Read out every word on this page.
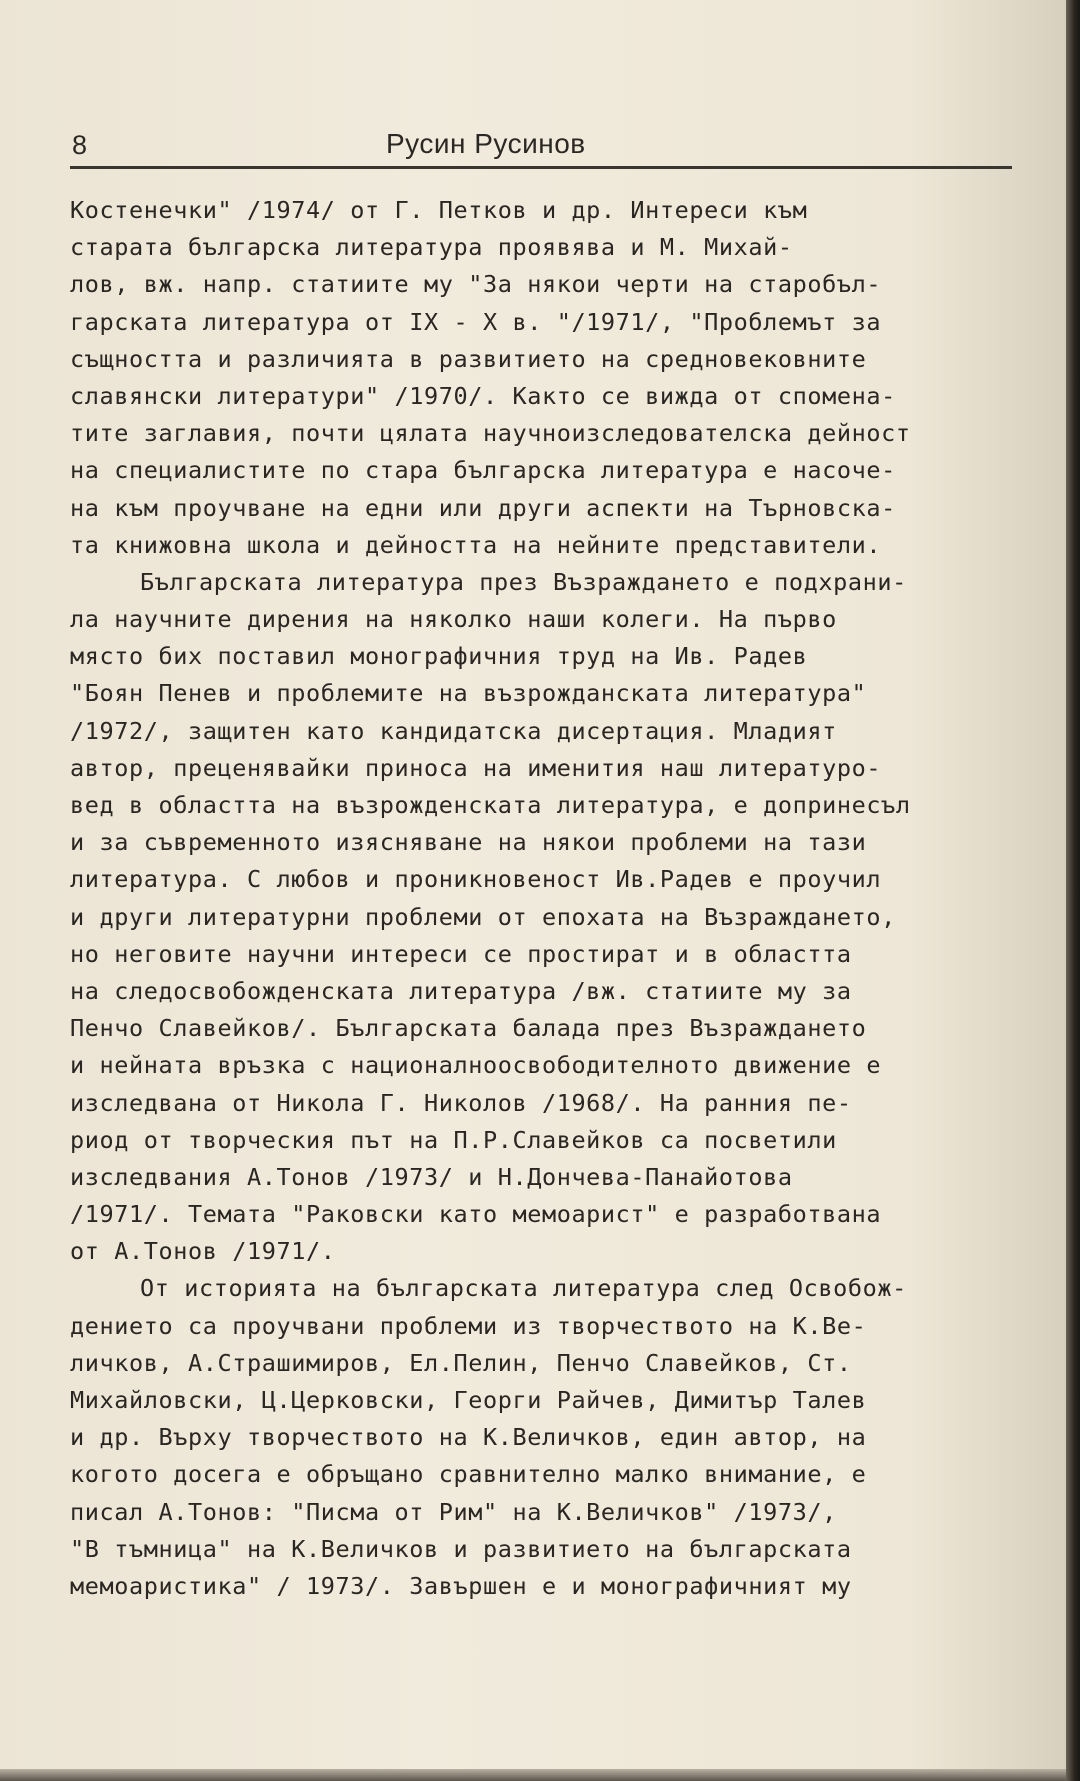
8	Русин Русинов
Костенечки" /1974/ от Г. Петков и др. Интереси към
старата българска литература проявява и М. Михай-
лов, вж. напр. статиите му "За някои черти на старобъл-
гарската литература от IX - X в. "/1971/, "Проблемът за
същността и различията в развитието на средновековните
славянски литератури" /1970/. Както се вижда от спомена-
тите заглавия, почти цялата научноизследователска дейност
на специалистите по стара българска литература е насоче-
на към проучване на едни или други аспекти на Търновска-
та книжовна школа и дейността на нейните представители.
Българската литература през Възраждането е подхрани-
ла научните дирения на няколко наши колеги. На първо
място бих поставил монографичния труд на Ив. Радев
"Боян Пенев и проблемите на възрожданската литература"
/1972/, защитен като кандидатска дисертация. Младият
автор, преценявайки приноса на именития наш литературо-
вед в областта на възрожденската литература, е допринесъл
и за съвременното изясняване на някои проблеми на тази
литература. С любов и проникновеност Ив.Радев е проучил
и други литературни проблеми от епохата на Възраждането,
но неговите научни интереси се простират и в областта
на следосвобожденската литература /вж. статиите му за
Пенчо Славейков/. Българската балада през Възраждането
и нейната връзка с националноосвободителното движение е
изследвана от Никола Г. Николов /1968/. На ранния пе-
риод от творческия път на П.Р.Славейков са посветили
изследвания А.Тонов /1973/ и Н.Дончева-Панайотова
/1971/. Темата "Раковски като мемоарист" е разработвана
от А.Тонов /1971/.
От историята на българската литература след Освобож-
дението са проучвани проблеми из творчеството на К.Ве-
личков, А.Страшимиров, Ел.Пелин, Пенчо Славейков, Ст.
Михайловски, Ц.Церковски, Георги Райчев, Димитър Талев
и др. Върху творчеството на К.Величков, един автор, на
когото досега е обръщано сравнително малко внимание, е
писал А.Тонов: "Писма от Рим" на К.Величков" /1973/,
"В тъмница" на К.Величков и развитието на българската
мемоаристика" / 1973/. Завършен е и монографичният му
